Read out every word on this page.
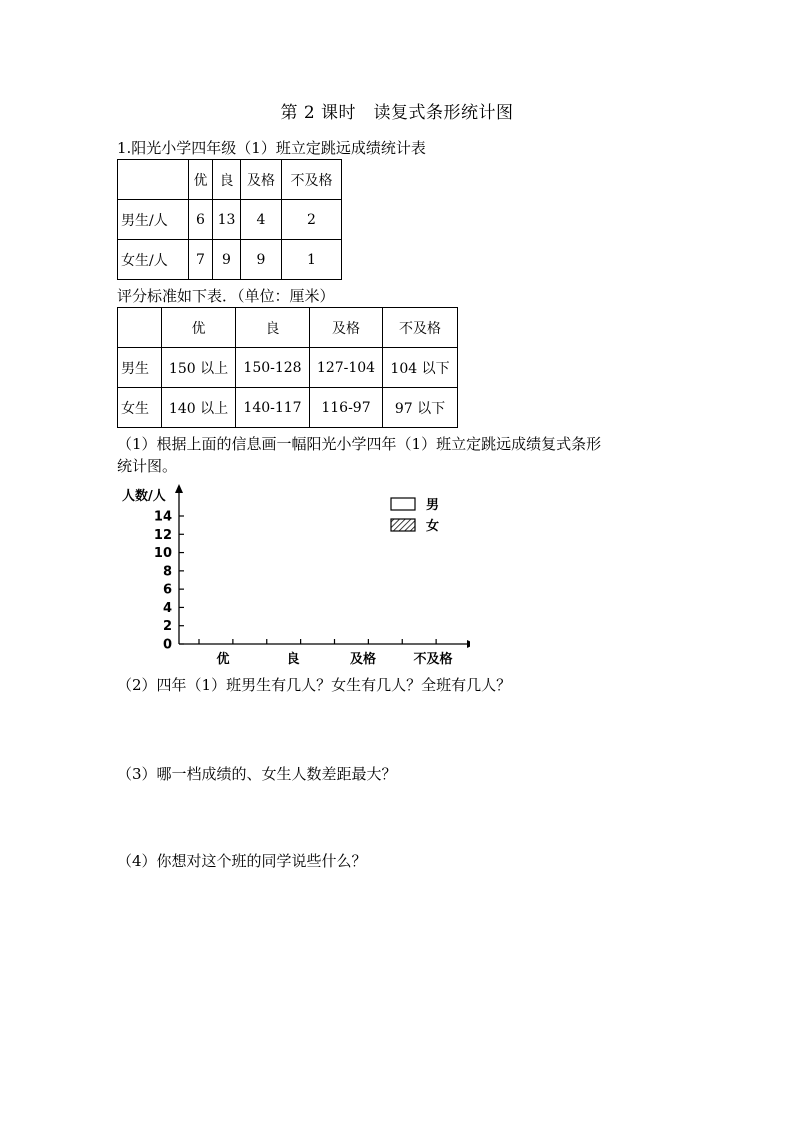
第 2 课时　读复式条形统计图
1.阳光小学四年级（1）班立定跳远成绩统计表
	优	良	及格	不及格
男生/人	6	13	4	2
女生/人	7	9	9	1
评分标准如下表．（单位：厘米）
	优	良	及格	不及格
男生	150 以上	150-128	127-104	104 以下
女生	140 以上	140-117	116-97	97 以下
（1）根据上面的信息画一幅阳光小学四年（1）班立定跳远成绩复式条形
统计图。
人数/人
0
2
4
6
8
10
12
14
优	良	及格	不及格
男
女
（2）四年（1）班男生有几人？女生有几人？全班有几人？
（3）哪一档成绩的、女生人数差距最大？
（4）你想对这个班的同学说些什么？
